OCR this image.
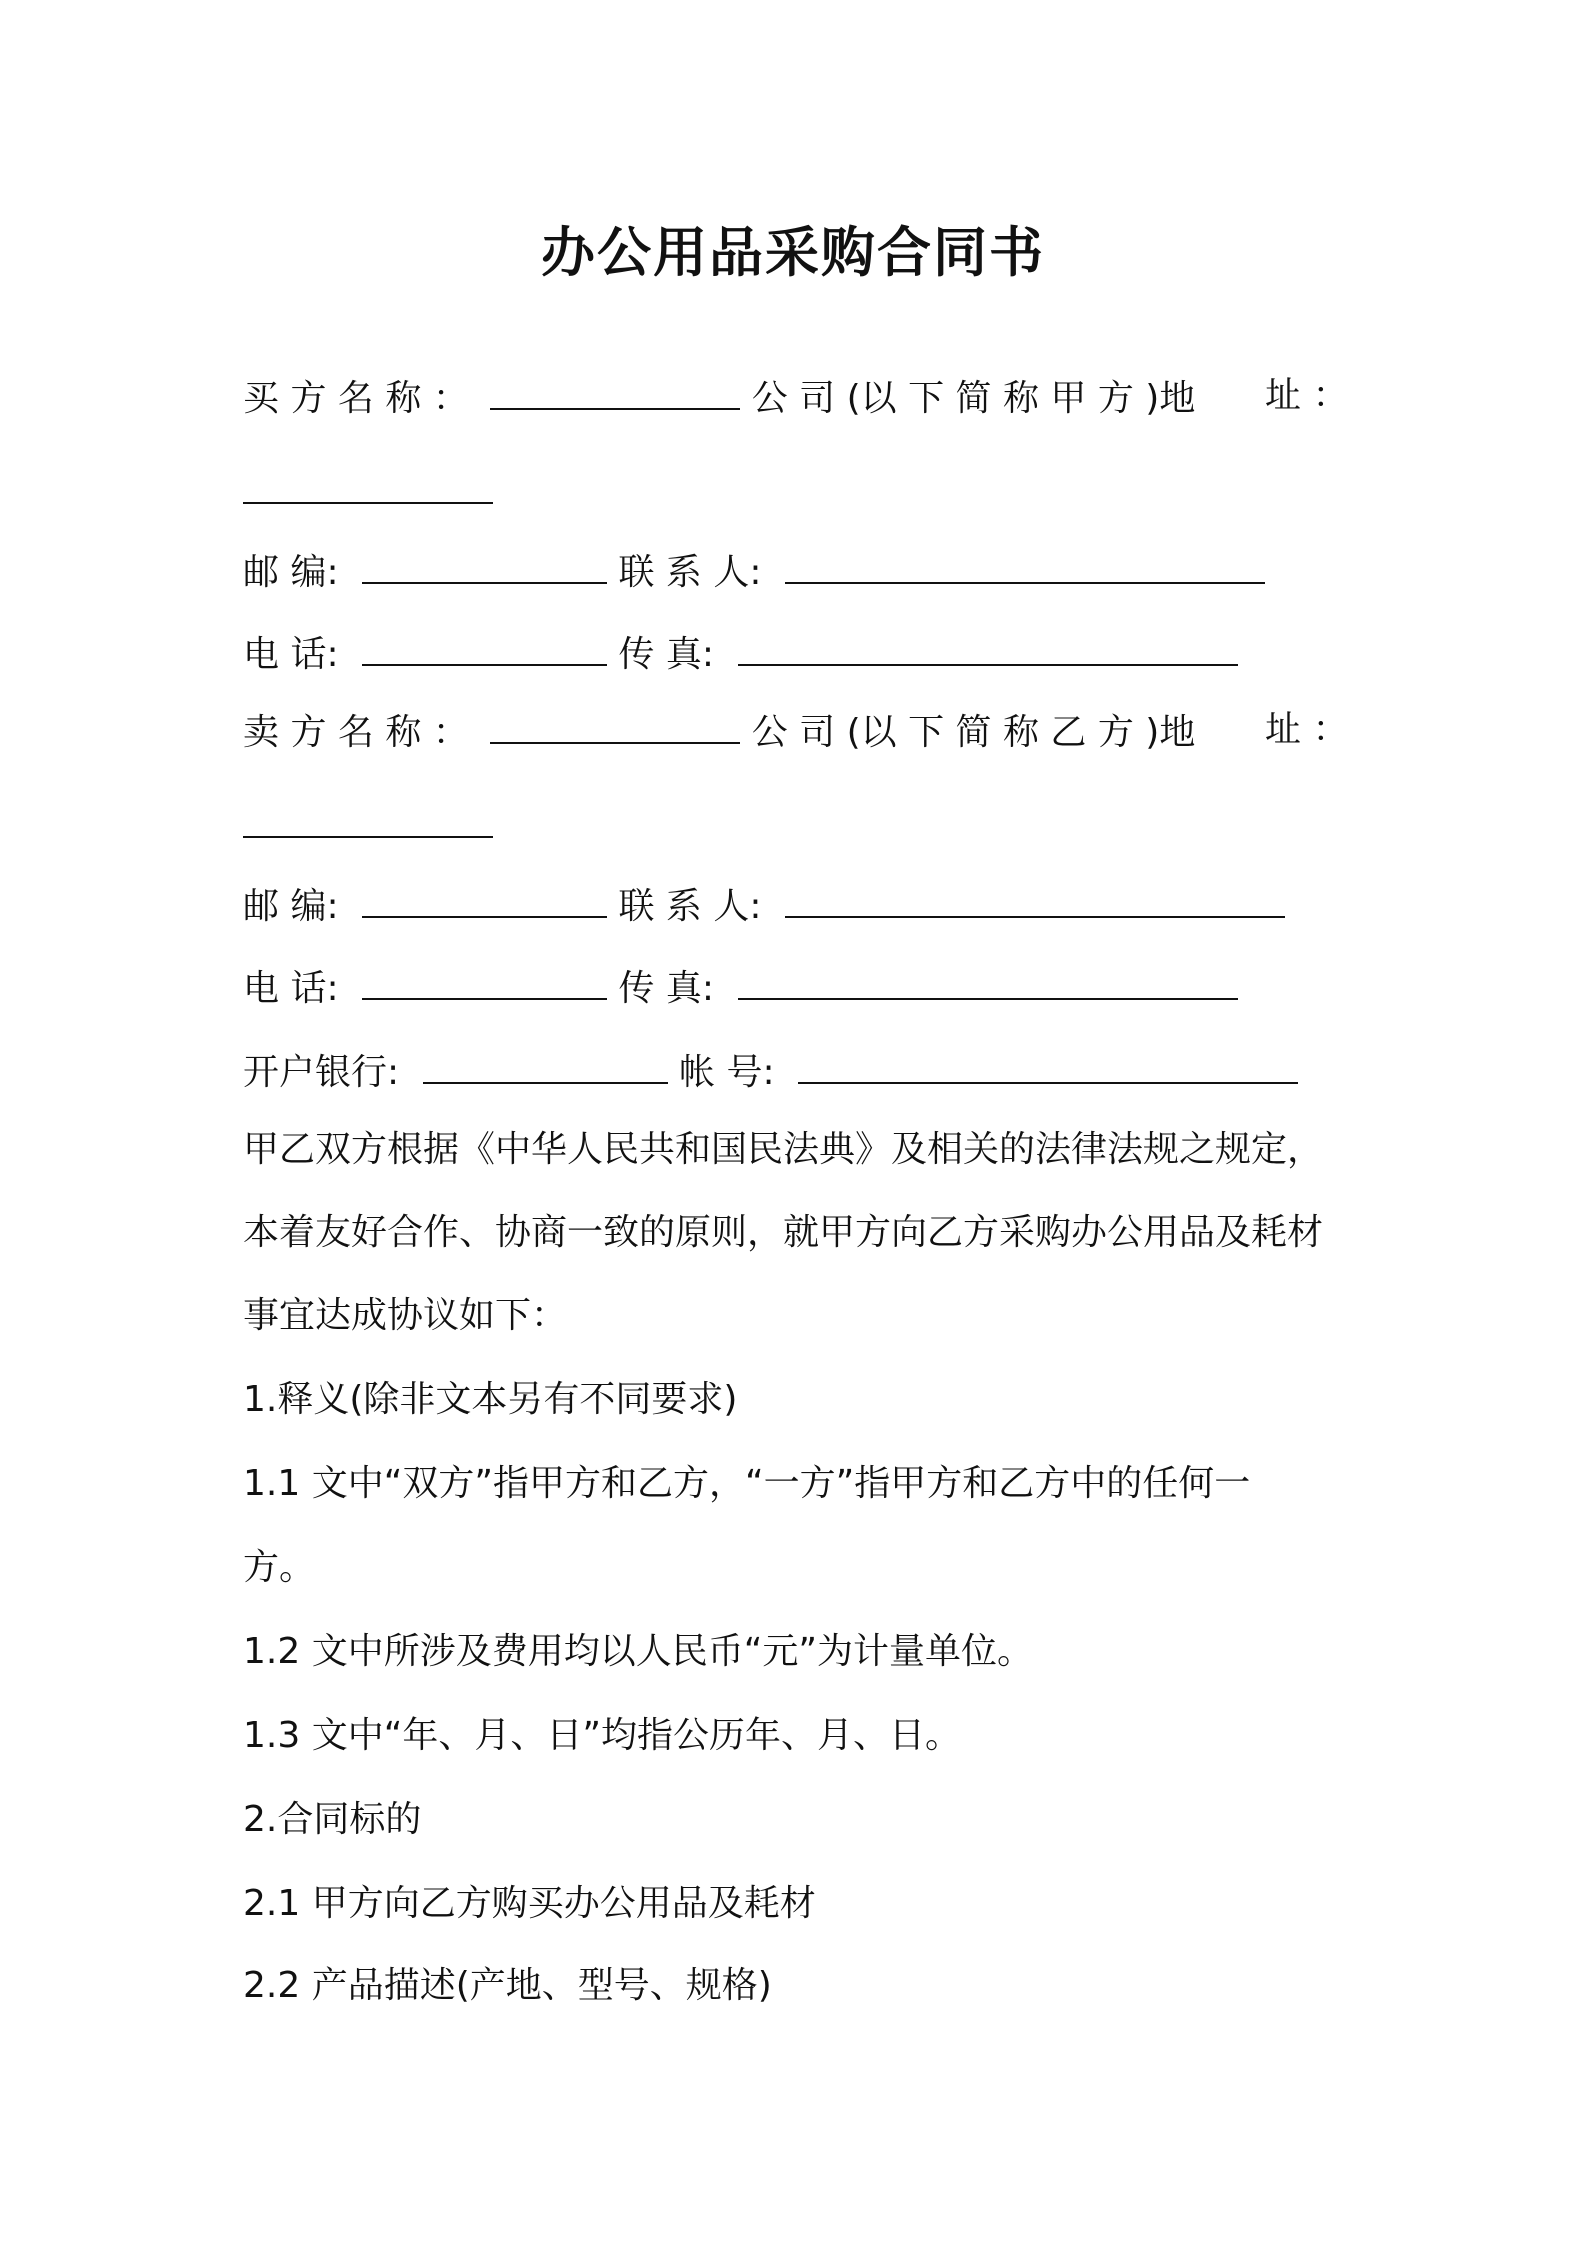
办公用品采购合同书
买 方 名 称 ：	公 司 (以 下 简 称 甲 方 )地 址 ：
邮 编:	联 系 人:
电 话:	传 真:
卖 方 名 称 ：	公 司 (以 下 简 称 乙 方 )地 址 ：
邮 编:	联 系 人:
电 话:	传 真:
开户银行:	帐 号:
甲乙双方根据《中华人民共和国民法典》及相关的法律法规之规定，
本着友好合作、协商一致的原则，就甲方向乙方采购办公用品及耗材
事宜达成协议如下：
1.释义(除非文本另有不同要求)
1.1 文中“双方”指甲方和乙方，“一方”指甲方和乙方中的任何一
方。
1.2 文中所涉及费用均以人民币“元”为计量单位。
1.3 文中“年、月、日”均指公历年、月、日。
2.合同标的
2.1 甲方向乙方购买办公用品及耗材
2.2 产品描述(产地、型号、规格)
